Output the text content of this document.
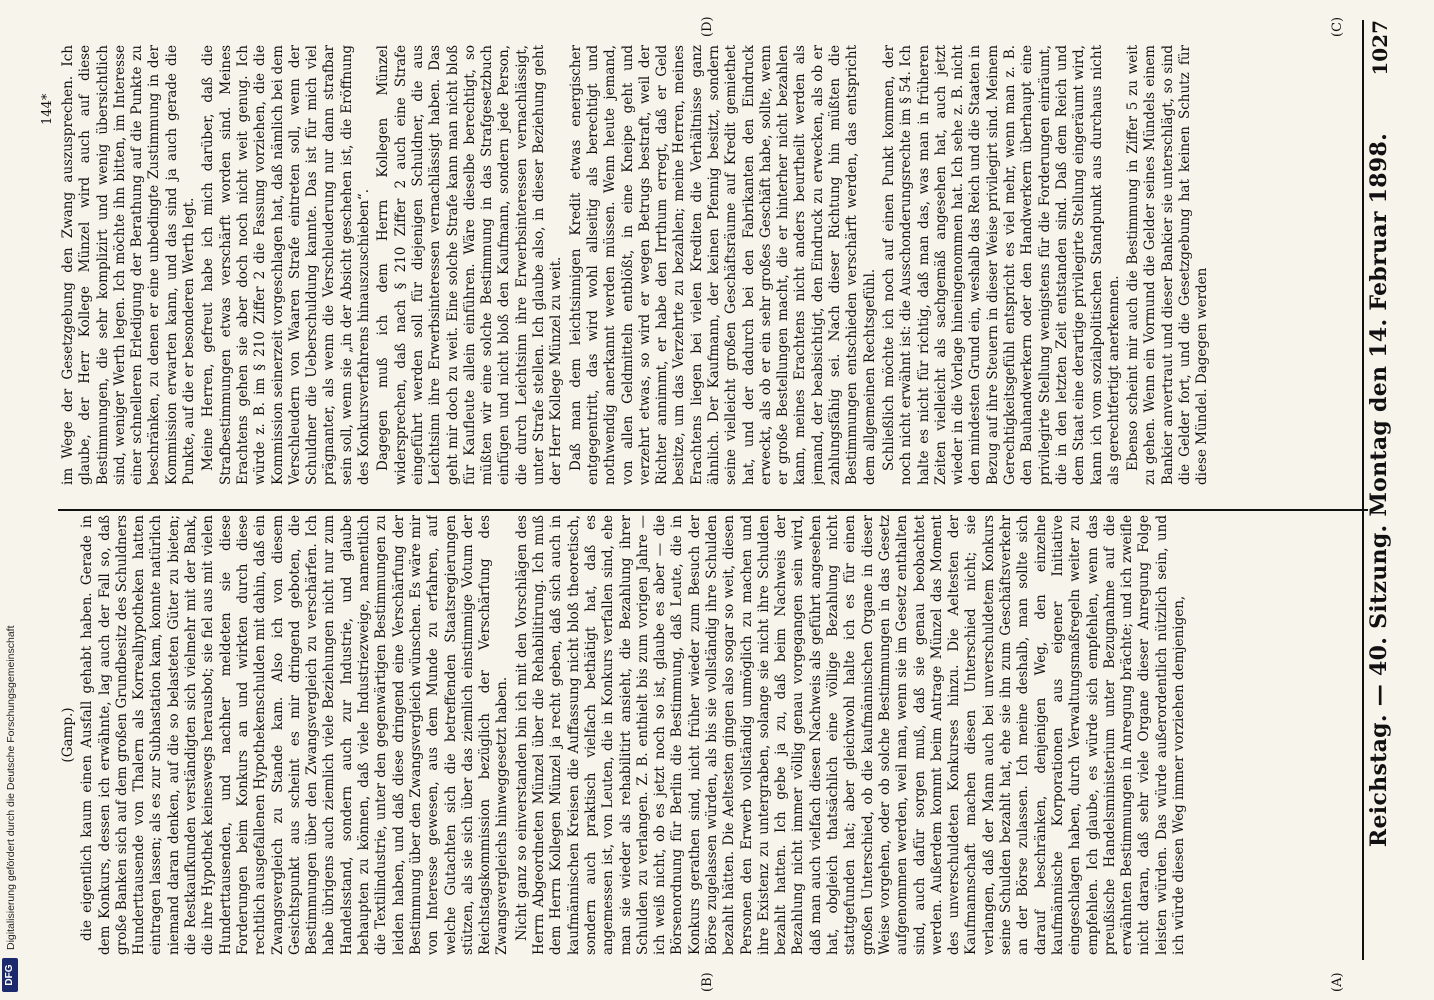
Digitalisierung gefördert durch die Deutsche Forschungsgemeinschaft
DFG
144*

(Gamp.) die eigentlich kaum einen Ausfall gehabt haben. Gerade in dem Konkurs, dessen ich erwähnte, lag auch der Fall so, daß große Banken sich auf dem großen Grundbesitz des Schuldners Hunderttausende von Thalern als Korrealhypotheken hatten eintragen lassen; als es zur Subhastation kam, konnte natürlich niemand daran denken, auf die so belasteten Güter zu bieten; die Restkaufkunden verständigten sich vielmehr mit der Bank, die ihre Hypothek keineswegs herausbot; sie fiel aus mit vielen Hunderttausenden, und nachher meldeten sie diese Forderungen beim Konkurs an und wirkten durch diese rechtlich ausgefallenen Hypothekenschulden mit dahin, daß ein Zwangsvergleich zu Stande kam. Also ich von diesem Gesichtspunkt aus scheint es mir dringend geboten, die Bestimmungen über den Zwangsvergleich zu verschärfen. Ich habe übrigens auch ziemlich viele Beziehungen nicht nur zum Handelsstand, sondern auch zur Industrie, und glaube behaupten zu können, daß viele Industriezweige, namentlich die Textilindustrie, unter den gegenwärtigen Bestimmungen zu leiden haben, und daß diese dringend eine Verschärfung der Bestimmung über den Zwangsvergleich wünschen. Es wäre mir von Interesse gewesen, aus dem Munde zu erfahren, auf welche Gutachten sich die betreffenden Staatsregierungen stützen, als sie sich über das ziemlich einstimmige Votum der Reichstagskommission bezüglich der Verschärfung des Zwangsvergleichs hinweggesetzt haben. Nicht ganz so einverstanden bin ich mit den Vorschlägen des Herrn Abgeordneten Münzel über die Rehabilitirung. Ich muß dem Herrn Kollegen Münzel ja recht geben, daß sich auch in kaufmännischen Kreisen die Auffassung nicht bloß theoretisch, sondern auch praktisch vielfach bethätigt hat, daß es angemessen ist, von Leuten, die in Konkurs verfallen sind, ehe man sie wieder als rehabilitirt ansieht, die Bezahlung ihrer Schulden zu verlangen. Z. B. enthielt bis zum vorigen Jahre — ich weiß nicht, ob es jetzt noch so ist, glaube es aber — die Börsenordnung für Berlin die Bestimmung, daß Leute, die in Konkurs gerathen sind, nicht früher wieder zum Besuch der Börse zugelassen würden, als bis sie vollständig ihre Schulden bezahlt hätten. Die Aeltesten gingen also sogar so weit, diesen Personen den Erwerb vollständig unmöglich zu machen und ihre Existenz zu untergraben, solange sie nicht ihre Schulden bezahlt hatten. Ich gebe ja zu, daß beim Nachweis der Bezahlung nicht immer völlig genau vorgegangen sein wird, daß man auch vielfach diesen Nachweis als geführt angesehen hat, obgleich thatsächlich eine völlige Bezahlung nicht stattgefunden hat; aber gleichwohl halte ich es für einen großen Unterschied, ob die kaufmännischen Organe in dieser Weise vorgehen, oder ob solche Bestimmungen in das Gesetz aufgenommen werden, weil man, wenn sie im Gesetz enthalten sind, auch dafür sorgen muß, daß sie genau beobachtet werden. Außerdem kommt beim Antrage Münzel das Moment des unverschuldeten Konkurses hinzu. Die Aeltesten der Kaufmannschaft machen diesen Unterschied nicht; sie verlangen, daß der Mann auch bei unverschuldetem Konkurs seine Schulden bezahlt hat, ehe sie ihn zum Geschäftsverkehr an der Börse zulassen. Ich meine deshalb, man sollte sich darauf beschränken, denjenigen Weg, den einzelne kaufmännische Korporationen aus eigener Initiative eingeschlagen haben, durch Verwaltungsmaßregeln weiter zu empfehlen. Ich glaube, es würde sich empfehlen, wenn das preußische Handelsministerium unter Bezugnahme auf die erwähnten Bestimmungen in Anregung brächte; und ich zweifle nicht daran, daß sehr viele Organe dieser Anregung Folge leisten würden. Das würde außerordentlich nützlich sein, und ich würde diesen Weg immer vorziehen demjenigen,

im Wege der Gesetzgebung den Zwang auszusprechen. Ich glaube, der Herr Kollege Münzel wird auch auf diese Bestimmungen, die sehr komplizirt und wenig übersichtlich sind, weniger Werth legen. Ich möchte ihn bitten, im Interesse einer schnelleren Erledigung der Berathung auf die Punkte zu beschränken, zu denen er eine unbedingte Zustimmung in der Kommission erwarten kann, und das sind ja auch gerade die Punkte, auf die er besonderen Werth legt. Meine Herren, gefreut habe ich mich darüber, daß die Strafbestimmungen etwas verschärft worden sind. Meines Erachtens gehen sie aber doch noch nicht weit genug. Ich würde z. B. im § 210 Ziffer 2 die Fassung vorziehen, die die Kommission seinerzeit vorgeschlagen hat, daß nämlich bei dem Verschleudern von Waaren Strafe eintreten soll, wenn der Schuldner die Ueberschuldung kannte. Das ist für mich viel prägnanter, als wenn die Verschleuderung nur dann strafbar sein soll, wenn sie „in der Absicht geschehen ist, die Eröffnung des Konkursverfahrens hinauszuschieben“. Dagegen muß ich dem Herrn Kollegen Münzel widersprechen, daß nach § 210 Ziffer 2 auch eine Strafe eingeführt werden soll für diejenigen Schuldner, die aus Leichtsinn ihre Erwerbsinteressen vernachlässigt haben. Das geht mir doch zu weit. Eine solche Strafe kann man nicht bloß für Kaufleute allein einführen. Wäre dieselbe berechtigt, so müßten wir eine solche Bestimmung in das Strafgesetzbuch einfügen und nicht bloß den Kaufmann, sondern jede Person, die durch Leichtsinn ihre Erwerbsinteressen vernachlässigt, unter Strafe stellen. Ich glaube also, in dieser Beziehung geht der Herr Kollege Münzel zu weit. Daß man dem leichtsinnigen Kredit etwas energischer entgegentritt, das wird wohl allseitig als berechtigt und nothwendig anerkannt werden müssen. Wenn heute jemand, von allen Geldmitteln entblößt, in eine Kneipe geht und verzehrt etwas, so wird er wegen Betrugs bestraft, weil der Richter annimmt, er habe den Irrthum erregt, daß er Geld besitze, um das Verzehrte zu bezahlen; meine Herren, meines Erachtens liegen bei vielen Krediten die Verhältnisse ganz ähnlich. Der Kaufmann, der keinen Pfennig besitzt, sondern seine vielleicht großen Geschäftsräume auf Kredit gemiethet hat, und der dadurch bei den Fabrikanten den Eindruck erweckt, als ob er ein sehr großes Geschäft habe, sollte, wenn er große Bestellungen macht, die er hinterher nicht bezahlen kann, meines Erachtens nicht anders beurtheilt werden als jemand, der beabsichtigt, den Eindruck zu erwecken, als ob er zahlungsfähig sei. Nach dieser Richtung hin müßten die Bestimmungen entschieden verschärft werden, das entspricht dem allgemeinen Rechtsgefühl. Schließlich möchte ich noch auf einen Punkt kommen, der noch nicht erwähnt ist: die Ausschonderungsrechte im § 54. Ich halte es nicht für richtig, daß man das, was man in früheren Zeiten vielleicht als sachgemäß angesehen hat, auch jetzt wieder in die Vorlage hineingenommen hat. Ich sehe z. B. nicht den mindesten Grund ein, weshalb das Reich und die Staaten in Bezug auf ihre Steuern in dieser Weise privilegirt sind. Meinem Gerechtigkeitsgefühl entspricht es viel mehr, wenn man z. B. den Bauhandwerkern oder den Handwerkern überhaupt eine privilegirte Stellung wenigstens für die Forderungen einräumt, die in den letzten Zeit entstanden sind. Daß dem Reich und dem Staat eine derartige privilegirte Stellung eingeräumt wird, kann ich vom sozialpolitischen Standpunkt aus durchaus nicht als gerechtfertigt anerkennen. Ebenso scheint mir auch die Bestimmung in Ziffer 5 zu weit zu gehen. Wenn ein Vormund die Gelder seines Mündels einem Bankier anvertraut und dieser Bankier sie unterschlägt, so sind die Gelder fort, und die Gesetzgebung hat keinen Schutz für diese Mündel. Dagegen werden

(A)
(B)
(C)
(D)
Reichstag. — 40. Sitzung. Montag den 14. Februar 1898.
1027
